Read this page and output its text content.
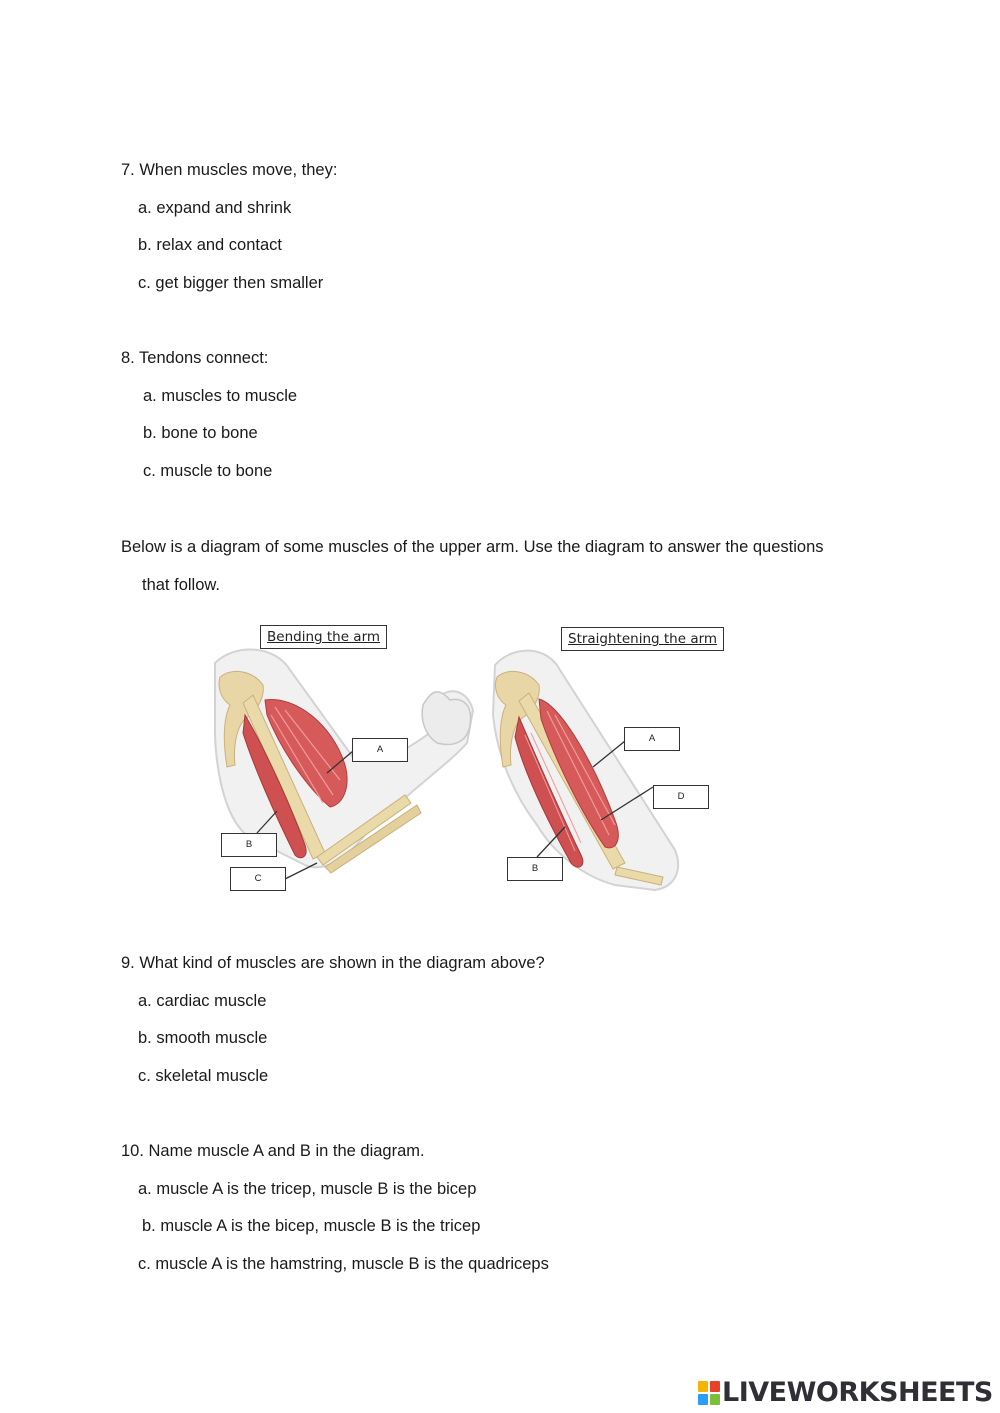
7. When muscles move, they:
a. expand and shrink
b. relax and contact
c. get bigger then smaller
8. Tendons connect:
a. muscles to muscle
b. bone to bone
c. muscle to bone
Below is a diagram of some muscles of the upper arm. Use the diagram to answer the questions
that follow.
Bending the arm
A
B
C
Straightening the arm
A
D
B
9. What kind of muscles are shown in the diagram above?
a. cardiac muscle
b. smooth muscle
c. skeletal muscle
10. Name muscle A and B in the diagram.
a. muscle A is the tricep, muscle B is the bicep
b. muscle A is the bicep, muscle B is the tricep
c. muscle A is the hamstring, muscle B is the quadriceps
LIVEWORKSHEETS
